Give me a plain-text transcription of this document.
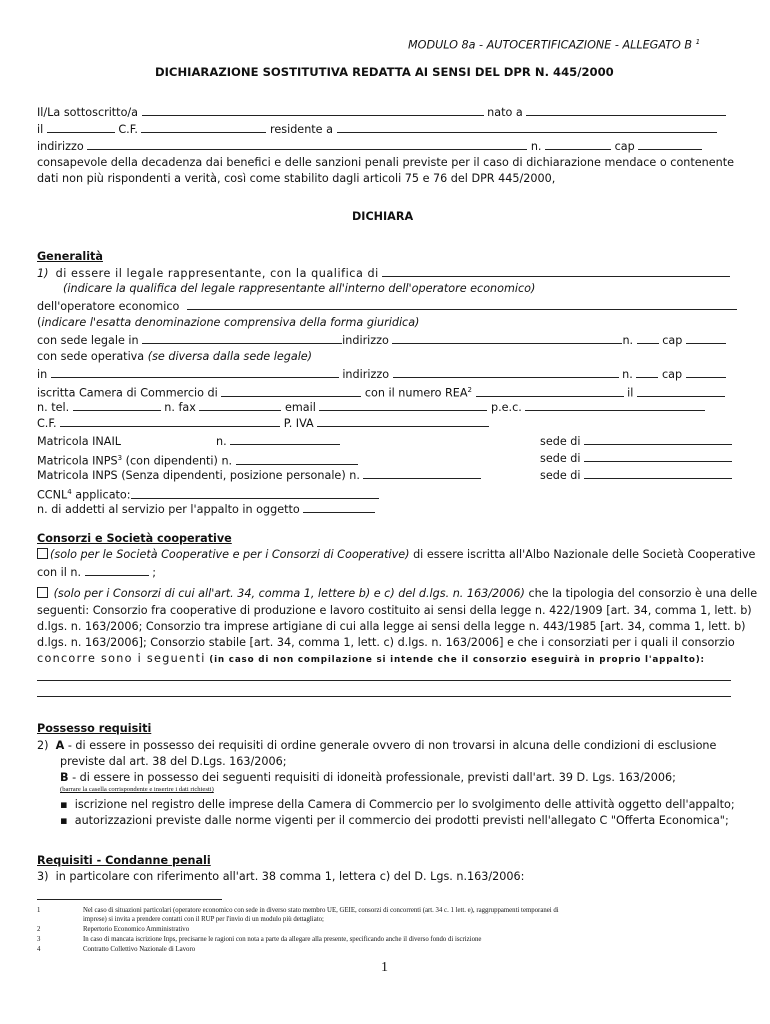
MODULO 8a - AUTOCERTIFICAZIONE - ALLEGATO B $^1$
DICHIARAZIONE SOSTITUTIVA REDATTA AI SENSI DEL DPR N. 445/2000
Il/La sottoscritto/a	nato a
il	C.F.	residente a
indirizzo	n.	cap
consapevole della decadenza dai benefici e delle sanzioni penali previste per il caso di dichiarazione mendace o contenente dati non più rispondenti a verità, così come stabilito dagli articoli 75 e 76 del DPR 445/2000,
DICHIARA
Generalità
1) di essere il legale rappresentante, con la qualifica di
(indicare la qualifica del legale rappresentante all'interno dell'operatore economico)
dell'operatore economico
(indicare l'esatta denominazione comprensiva della forma giuridica)
con sede legale in	indirizzo	n.	cap
con sede operativa (se diversa dalla sede legale)
in	indirizzo	n.	cap
iscritta Camera di Commercio di	con il numero REA$^2$	il
n. tel.	n. fax	email	p.e.c.
C.F.	P. IVA
Matricola INAIL	n.	sede di
Matricola INPS$^3$ (con dipendenti) n.	sede di
Matricola INPS (Senza dipendenti, posizione personale) n.	sede di
CCNL$^4$ applicato:
n. di addetti al servizio per l'appalto in oggetto
Consorzi e Società cooperative
(solo per le Società Cooperative e per i Consorzi di Cooperative) di essere iscritta all'Albo Nazionale delle Società Cooperative
con il n.	;
(solo per i Consorzi di cui all'art. 34, comma 1, lettere b) e c) del d.lgs. n. 163/2006) che la tipologia del consorzio è una delle
seguenti: Consorzio fra cooperative di produzione e lavoro costituito ai sensi della legge n. 422/1909 [art. 34, comma 1, lett. b)
d.lgs. n. 163/2006; Consorzio tra imprese artigiane di cui alla legge ai sensi della legge n. 443/1985 [art. 34, comma 1, lett. b)
d.lgs. n. 163/2006]; Consorzio stabile [art. 34, comma 1, lett. c) d.lgs. n. 163/2006] e che i consorziati per i quali il consorzio
concorre sono i seguenti (in caso di non compilazione si intende che il consorzio eseguirà in proprio l'appalto):
Possesso requisiti
2) A - di essere in possesso dei requisiti di ordine generale ovvero di non trovarsi in alcuna delle condizioni di esclusione
previste dal art. 38 del D.Lgs. 163/2006;
B - di essere in possesso dei seguenti requisiti di idoneità professionale, previsti dall'art. 39 D. Lgs. 163/2006;
(barrare la casella corrispondente e inserire i dati richiesti)
▪ iscrizione nel registro delle imprese della Camera di Commercio per lo svolgimento delle attività oggetto dell'appalto;
▪ autorizzazioni previste dalle norme vigenti per il commercio dei prodotti previsti nell'allegato C "Offerta Economica";
Requisiti - Condanne penali
3) in particolare con riferimento all'art. 38 comma 1, lettera c) del D. Lgs. n.163/2006:
1	Nel caso di situazioni particolari (operatore economico con sede in diverso stato membro UE, GEIE, consorzi di concorrenti (art. 34 c. 1 lett. e), raggruppamenti temporanei di
imprese) si invita a prendere contatti con il RUP per l'invio di un modulo più dettagliato;
2	Repertorio Economico Amministrativo
3	In caso di mancata iscrizione Inps, precisarne le ragioni con nota a parte da allegare alla presente, specificando anche il diverso fondo di iscrizione
4	Contratto Collettivo Nazionale di Lavoro
1
